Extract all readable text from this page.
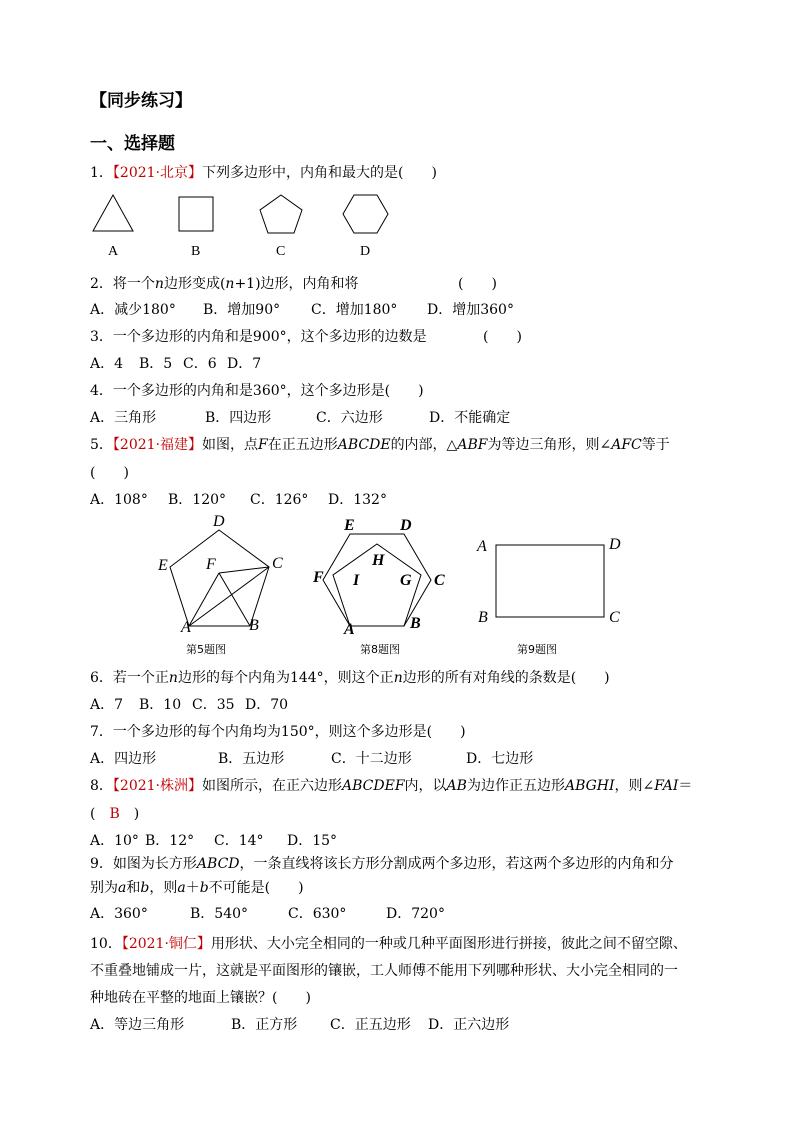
【同步练习】
一、选择题
1．【2021·北京】下列多边形中，内角和最大的是(　　)
A	B	C	D
2．将一个n边形变成(n+1)边形，内角和将	(　　)
A．减少180° B．增加90° C．增加180° D．增加360°
3．一个多边形的内角和是900°，这个多边形的边数是	(　　)
A．4 B．5 C．6 D．7
4．一个多边形的内角和是360°，这个多边形是(　　)
A．三角形	B．四边形	C．六边形	D．不能确定
5．【2021·福建】如图，点F在正五边形ABCDE的内部，△ABF为等边三角形，则∠AFC等于
(　　)
A．108° B．120° C．126° D．132°
D
E F	C
A	B
第5题图
E	D
H
I	G
F	C
A	B
第8题图
A	D
B	C
第9题图
6．若一个正n边形的每个内角为144°，则这个正n边形的所有对角线的条数是(　　)
A．7 B．10 C．35 D．70
7．一个多边形的每个内角均为150°，则这个多边形是(　　)
A．四边形	B．五边形	C．十二边形	D．七边形
8．【2021·株洲】如图所示，在正六边形ABCDEF内，以AB为边作正五边形ABGHI，则∠FAI＝
( B )
A．10° B．12° C．14° D．15°
9．如图为长方形ABCD，一条直线将该长方形分割成两个多边形，若这两个多边形的内角和分
别为a和b，则a＋b不可能是(　　)
A．360°	B．540°	C．630°	D．720°
10．【2021·铜仁】用形状、大小完全相同的一种或几种平面图形进行拼接，彼此之间不留空隙、
不重叠地铺成一片，这就是平面图形的镶嵌，工人师傅不能用下列哪种形状、大小完全相同的一
种地砖在平整的地面上镶嵌？(　　)
A．等边三角形	B．正方形 C．正五边形 D．正六边形
